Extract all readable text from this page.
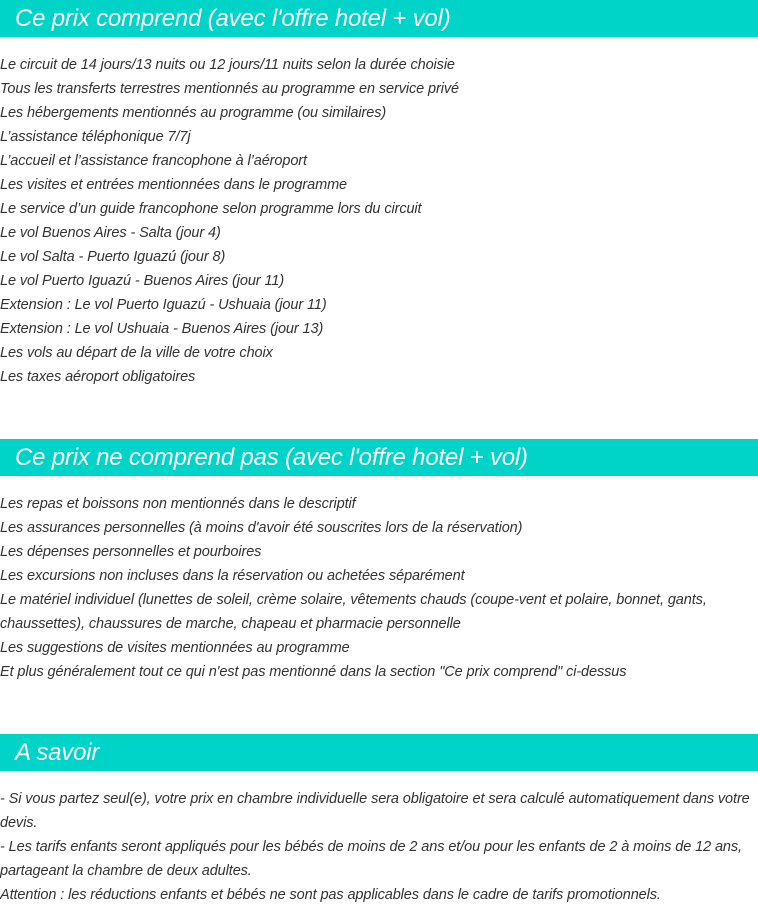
Ce prix comprend (avec l'offre hotel + vol)
Le circuit de 14 jours/13 nuits ou 12 jours/11 nuits selon la durée choisie
Tous les transferts terrestres mentionnés au programme en service privé
Les hébergements mentionnés au programme (ou similaires)
L’assistance téléphonique 7/7j
L’accueil et l’assistance francophone à l’aéroport
Les visites et entrées mentionnées dans le programme
Le service d’un guide francophone selon programme lors du circuit
Le vol Buenos Aires - Salta (jour 4)
Le vol Salta - Puerto Iguazú (jour 8)
Le vol Puerto Iguazú - Buenos Aires (jour 11)
Extension : Le vol Puerto Iguazú - Ushuaia (jour 11)
Extension : Le vol Ushuaia - Buenos Aires (jour 13)
Les vols au départ de la ville de votre choix
Les taxes aéroport obligatoires
Ce prix ne comprend pas (avec l'offre hotel + vol)
Les repas et boissons non mentionnés dans le descriptif
Les assurances personnelles (à moins d'avoir été souscrites lors de la réservation)
Les dépenses personnelles et pourboires
Les excursions non incluses dans la réservation ou achetées séparément
Le matériel individuel (lunettes de soleil, crème solaire, vêtements chauds (coupe-vent et polaire, bonnet, gants, chaussettes), chaussures de marche, chapeau et pharmacie personnelle
Les suggestions de visites mentionnées au programme
Et plus généralement tout ce qui n'est pas mentionné dans la section "Ce prix comprend" ci-dessus
A savoir
- Si vous partez seul(e), votre prix en chambre individuelle sera obligatoire et sera calculé automatiquement dans votre devis.
- Les tarifs enfants seront appliqués pour les bébés de moins de 2 ans et/ou pour les enfants de 2 à moins de 12 ans, partageant la chambre de deux adultes.
Attention : les réductions enfants et bébés ne sont pas applicables dans le cadre de tarifs promotionnels.
